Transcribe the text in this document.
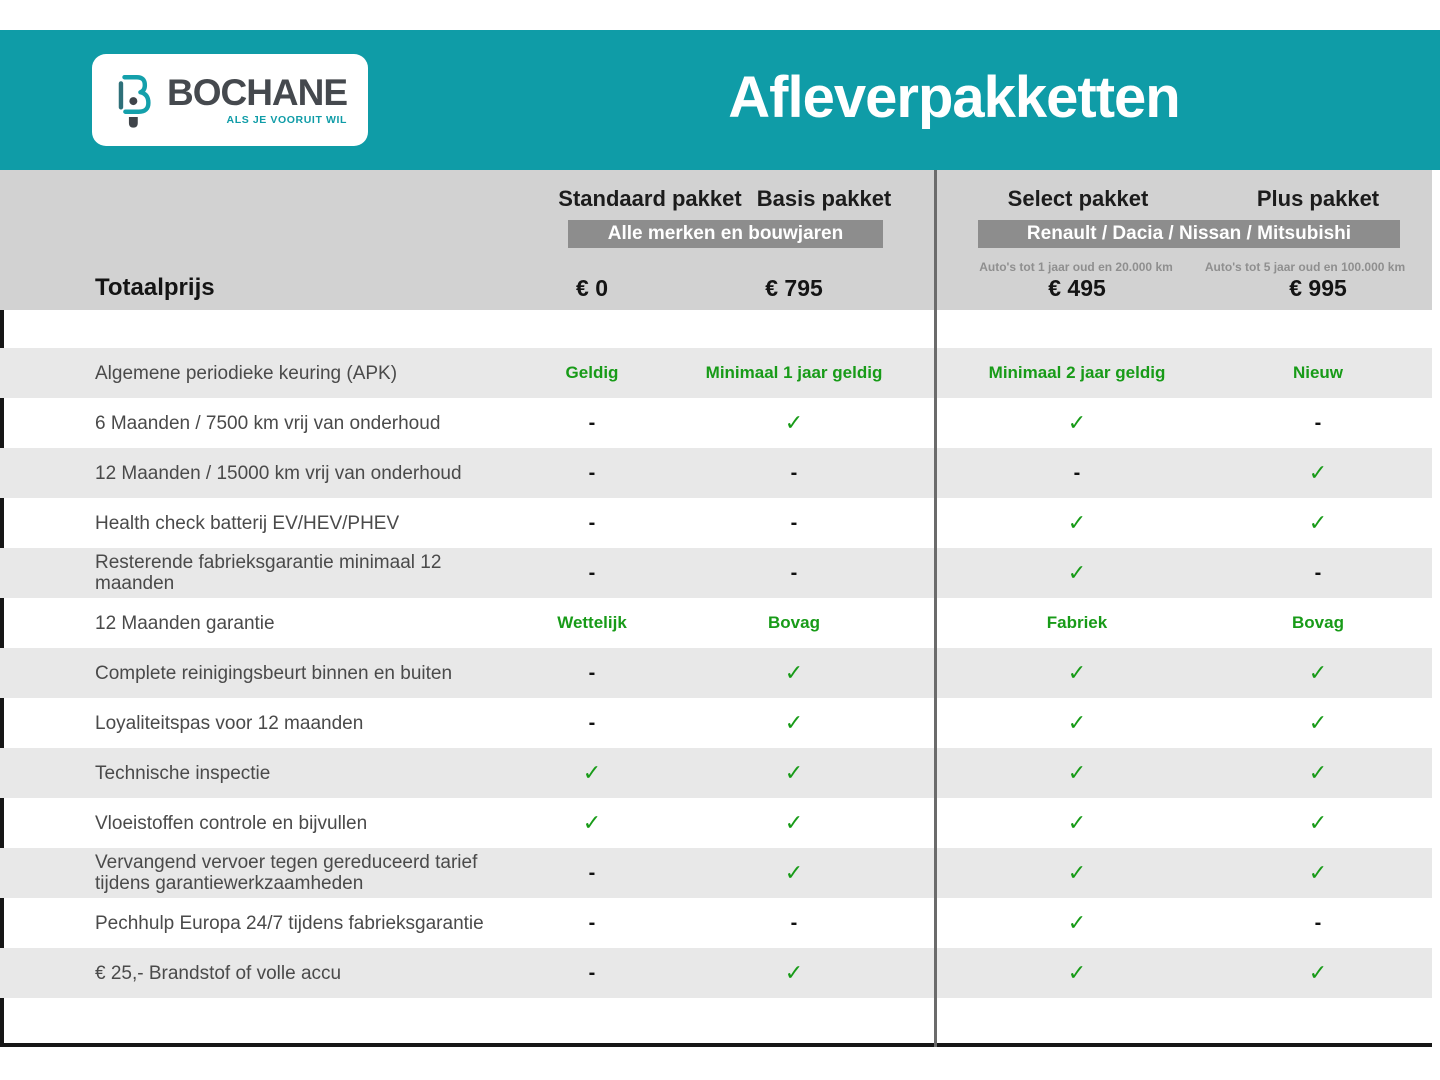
BOCHANE
ALS JE VOORUIT WIL	Afleverpakketten
Standaard pakket Basis pakket	Select pakket	Plus pakket
Alle merken en bouwjaren	Renault / Dacia / Nissan / Mitsubishi
Auto's tot 1 jaar oud en 20.000 km	Auto's tot 5 jaar oud en 100.000 km
Totaalprijs	€ 0	€ 795	€ 495	€ 995
Algemene periodieke keuring (APK)	Geldig	Minimaal 1 jaar geldig	Minimaal 2 jaar geldig	Nieuw
6 Maanden / 7500 km vrij van onderhoud	-	✓	✓	-
12 Maanden / 15000 km vrij van onderhoud	-	-	-	✓
Health check batterij EV/HEV/PHEV	-	-	✓	✓
Resterende fabrieksgarantie minimaal 12 maanden	-	-	✓	-
12 Maanden garantie	Wettelijk	Bovag	Fabriek	Bovag
Complete reinigingsbeurt binnen en buiten	-	✓	✓	✓
Loyaliteitspas voor 12 maanden	-	✓	✓	✓
Technische inspectie	✓	✓	✓	✓
Vloeistoffen controle en bijvullen	✓	✓	✓	✓
Vervangend vervoer tegen gereduceerd tarief
tijdens garantiewerkzaamheden	-	✓	✓	✓
Pechhulp Europa 24/7 tijdens fabrieksgarantie	-	-	✓	-
€ 25,- Brandstof of volle accu	-	✓	✓	✓
